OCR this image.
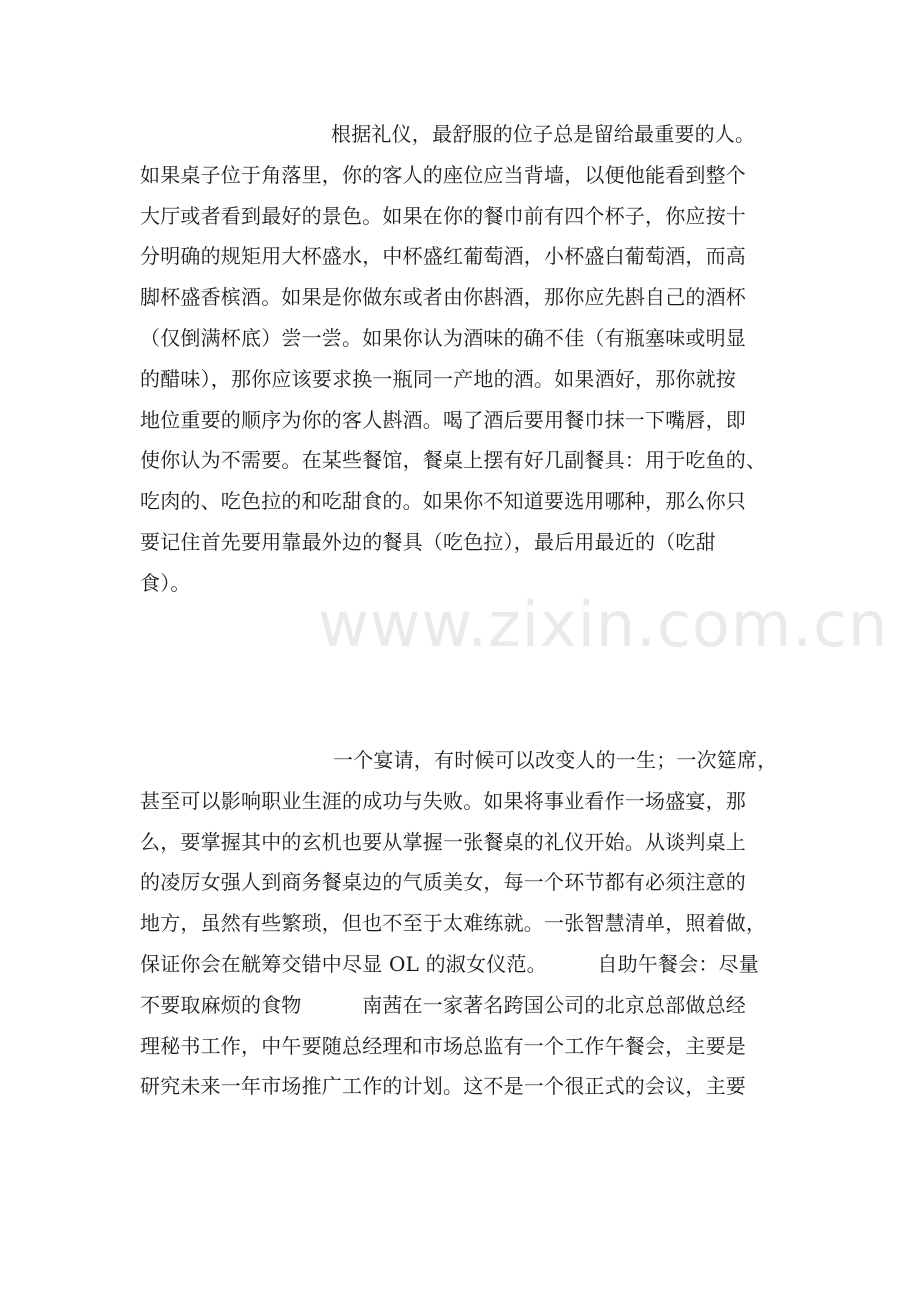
根据礼仪，最舒服的位子总是留给最重要的人。
如果桌子位于角落里，你的客人的座位应当背墙，以便他能看到整个
大厅或者看到最好的景色。如果在你的餐巾前有四个杯子，你应按十
分明确的规矩用大杯盛水，中杯盛红葡萄酒，小杯盛白葡萄酒，而高
脚杯盛香槟酒。如果是你做东或者由你斟酒，那你应先斟自己的酒杯
（仅倒满杯底）尝一尝。如果你认为酒味的确不佳（有瓶塞味或明显
的醋味），那你应该要求换一瓶同一产地的酒。如果酒好，那你就按
地位重要的顺序为你的客人斟酒。喝了酒后要用餐巾抹一下嘴唇，即
使你认为不需要。在某些餐馆，餐桌上摆有好几副餐具：用于吃鱼的、
吃肉的、吃色拉的和吃甜食的。如果你不知道要选用哪种，那么你只
要记住首先要用靠最外边的餐具（吃色拉），最后用最近的（吃甜
食）。
一个宴请，有时候可以改变人的一生；一次筵席，
甚至可以影响职业生涯的成功与失败。如果将事业看作一场盛宴，那
么，要掌握其中的玄机也要从掌握一张餐桌的礼仪开始。从谈判桌上
的凌厉女强人到商务餐桌边的气质美女，每一个环节都有必须注意的
地方，虽然有些繁琐，但也不至于太难练就。一张智慧清单，照着做，
保证你会在觥筹交错中尽显 OL 的淑女仪范。　　　自助午餐会：尽量
不要取麻烦的食物　　　南茜在一家著名跨国公司的北京总部做总经
理秘书工作，中午要随总经理和市场总监有一个工作午餐会，主要是
研究未来一年市场推广工作的计划。这不是一个很正式的会议，主要
www.zixin.com.cn
